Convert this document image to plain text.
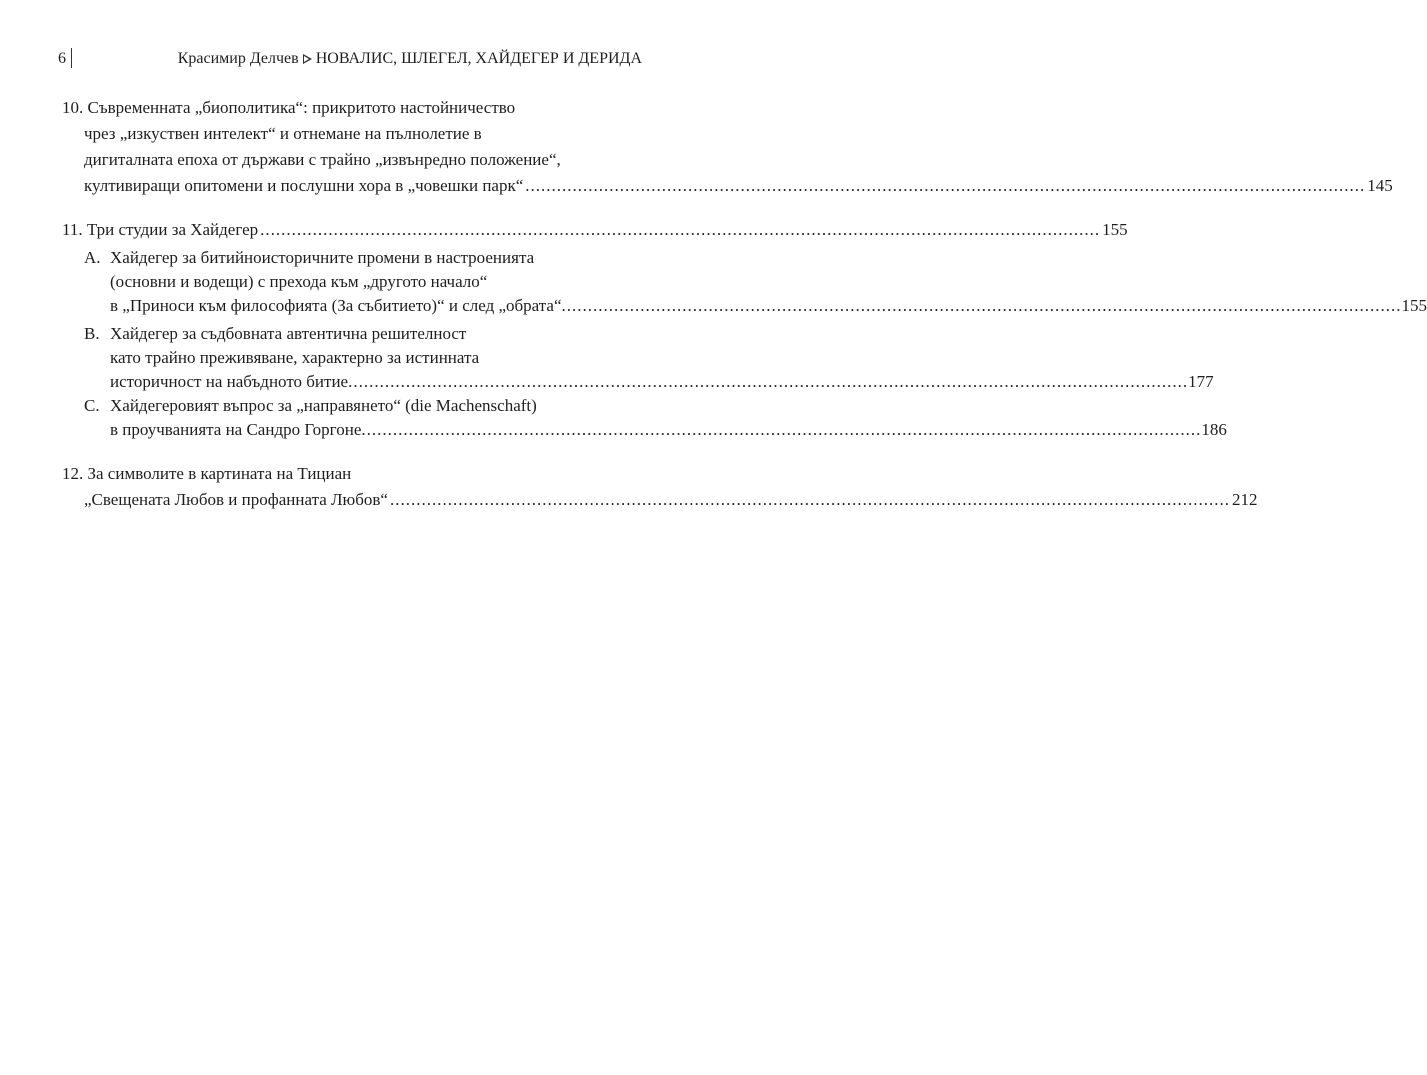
6	Красимир Делчев НОВАЛИС, ШЛЕГЕЛ, ХАЙДЕГЕР И ДЕРИДА
10. Съвременната „биополитика“: прикритото настойничество
чрез „изкуствен интелект“ и отнемане на пълнолетие в
дигиталната епоха от държави с трайно „извънредно положение“,
култивиращи опитомени и послушни хора в „човешки парк“ ................................................................................................................................................................ 145
11. Три студии за Хайдегер ................................................................................................................................................................ 155
A. Хайдегер за битийноисторичните промени в настроенията
(основни и водещи) с прехода към „другото начало“
в „Приноси към философията (За събитието)“ и след „обрата“ ................................................................................................................................................................ 155
B. Хайдегер за съдбовната автентична решителност
като трайно преживяване, характерно за истинната
историчност на набъдното битие ................................................................................................................................................................ 177
C. Хайдегеровият въпрос за „направянето“ (die Machenschaft)
в проучванията на Сандро Горгоне ................................................................................................................................................................ 186
12. За символите в картината на Тициан
„Свещената Любов и профанната Любов“ ................................................................................................................................................................ 212
